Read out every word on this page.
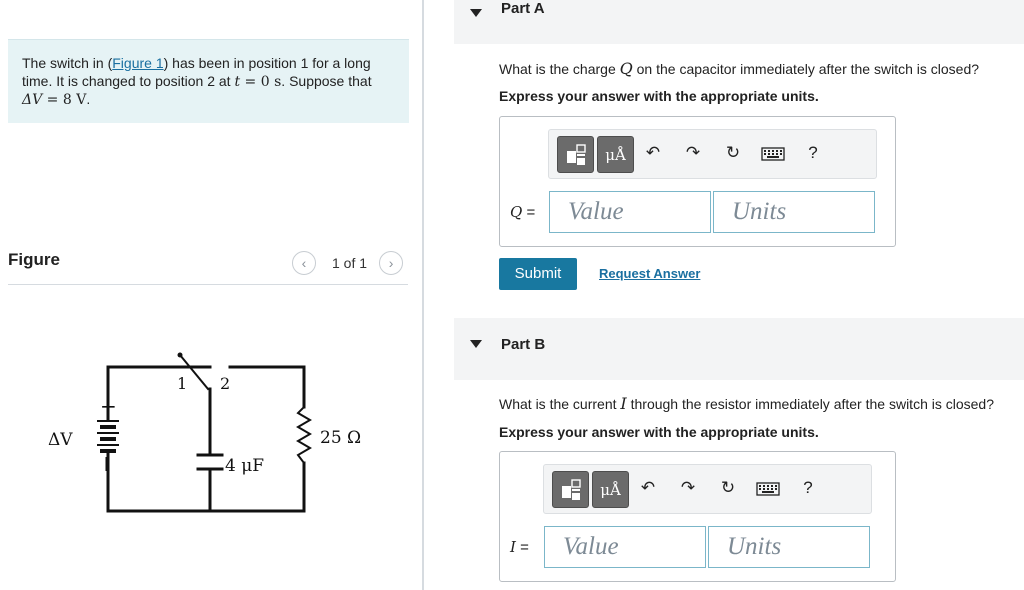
The switch in (Figure 1) has been in position 1 for a long time. It is changed to position 2 at t = 0 s. Suppose that
ΔV = 8 V.
Figure	‹	1 of 1	›
+
ΔV
1 2
4 μF
25 Ω
Part A
What is the charge Q on the capacitor immediately after the switch is closed?
Express your answer with the appropriate units.
μÅ	↶ ↷ ↻	?
Q =	Value	Units
Submit	Request Answer
Part B
What is the current I through the resistor immediately after the switch is closed?
Express your answer with the appropriate units.
μÅ	↶ ↷ ↻	?
I =	Value	Units
